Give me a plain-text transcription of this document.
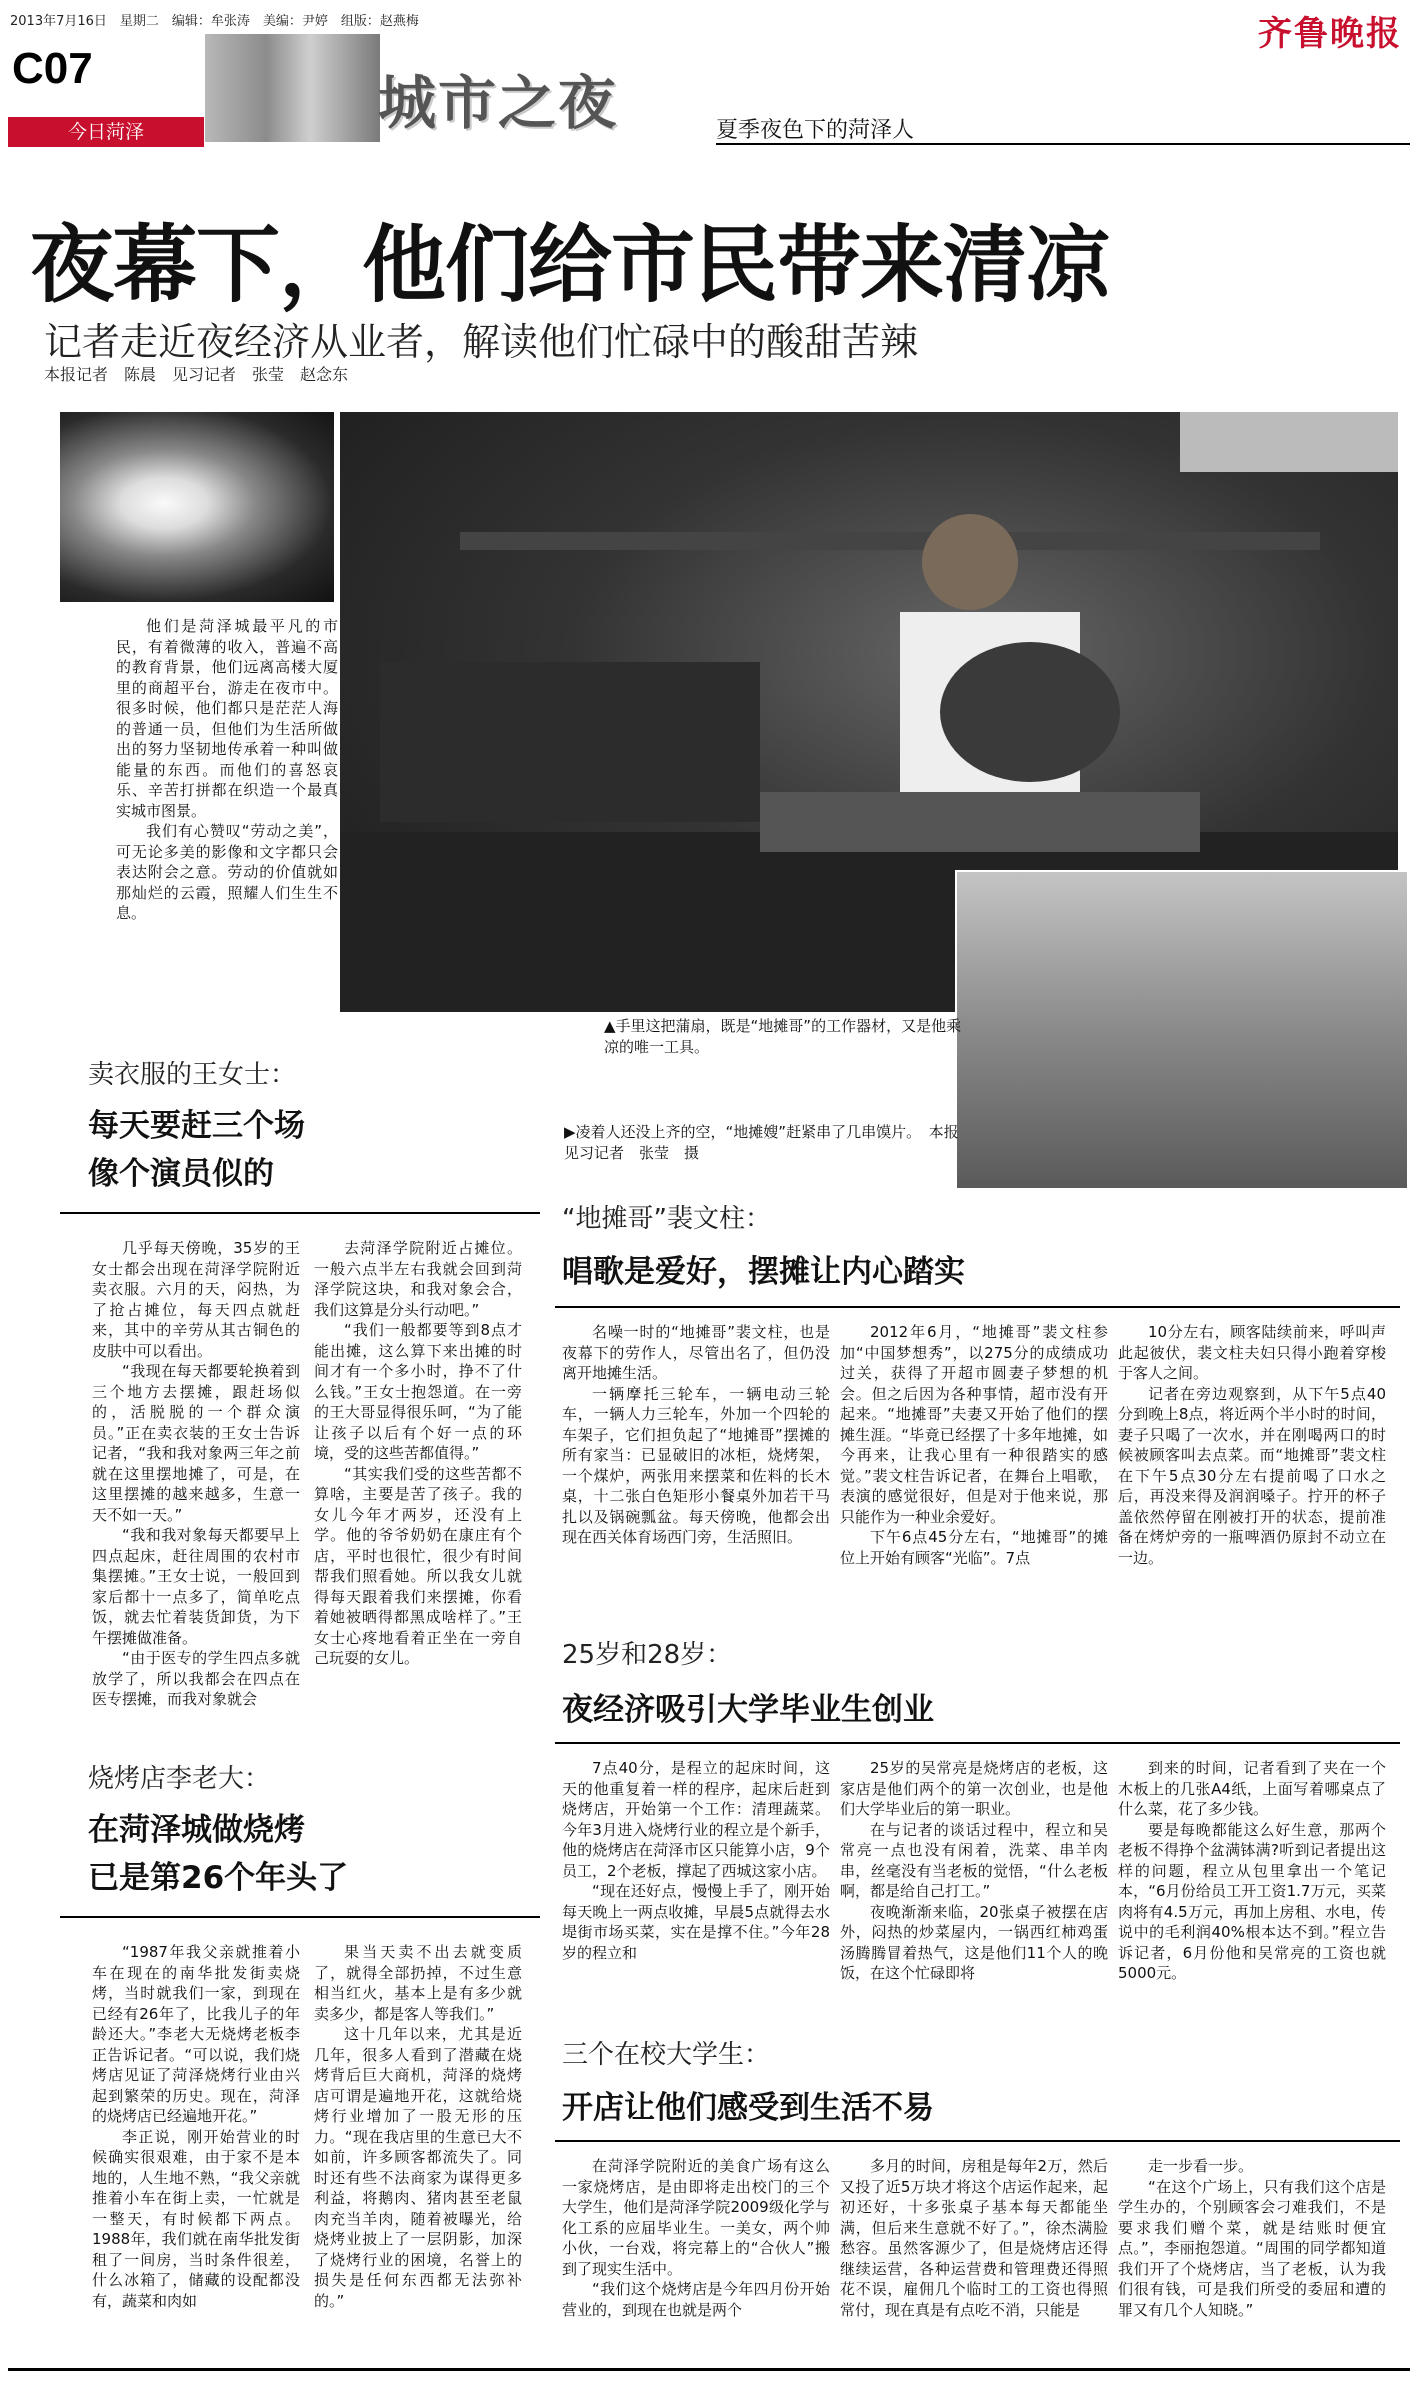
2013年7月16日　星期二　编辑：牟张涛　美编：尹婷　组版：赵燕梅	齐鲁晚报
C07
今日菏泽	城市之夜	夏季夜色下的菏泽人
夜幕下，他们给市民带来清凉
记者走近夜经济从业者，解读他们忙碌中的酸甜苦辣
本报记者　陈晨　见习记者　张莹　赵念东

他们是菏泽城最平凡的市民，有着微薄的收入，普遍不高的教育背景，他们远离高楼大厦里的商超平台，游走在夜市中。很多时候，他们都只是茫茫人海的普通一员，但他们为生活所做出的努力坚韧地传承着一种叫做能量的东西。而他们的喜怒哀乐、辛苦打拼都在织造一个最真实城市图景。

我们有心赞叹“劳动之美”，可无论多美的影像和文字都只会表达附会之意。劳动的价值就如那灿烂的云霞，照耀人们生生不息。

▲手里这把蒲扇，既是“地摊哥”的工作器材，又是他乘凉的唯一工具。
▶凌着人还没上齐的空，“地摊嫂”赶紧串了几串馍片。　本报见习记者　张莹　摄
卖衣服的王女士：
每天要赶三个场
像个演员似的

几乎每天傍晚，35岁的王女士都会出现在菏泽学院附近卖衣服。六月的天，闷热，为了抢占摊位，每天四点就赶来，其中的辛劳从其古铜色的皮肤中可以看出。

“我现在每天都要轮换着到三个地方去摆摊，跟赶场似的，活脱脱的一个群众演员。”正在卖衣装的王女士告诉记者，“我和我对象两三年之前就在这里摆地摊了，可是，在这里摆摊的越来越多，生意一天不如一天。”

“我和我对象每天都要早上四点起床，赶往周围的农村市集摆摊。”王女士说，一般回到家后都十一点多了，简单吃点饭，就去忙着装货卸货，为下午摆摊做准备。

“由于医专的学生四点多就放学了，所以我都会在四点在医专摆摊，而我对象就会

去菏泽学院附近占摊位。一般六点半左右我就会回到菏泽学院这块，和我对象会合，我们这算是分头行动吧。”

“我们一般都要等到8点才能出摊，这么算下来出摊的时间才有一个多小时，挣不了什么钱。”王女士抱怨道。在一旁的王大哥显得很乐呵，“为了能让孩子以后有个好一点的环境，受的这些苦都值得。”

“其实我们受的这些苦都不算啥，主要是苦了孩子。我的女儿今年才两岁，还没有上学。他的爷爷奶奶在康庄有个店，平时也很忙，很少有时间帮我们照看她。所以我女儿就得每天跟着我们来摆摊，你看着她被晒得都黑成啥样了。”王女士心疼地看着正坐在一旁自己玩耍的女儿。

烧烤店李老大：
在菏泽城做烧烤
已是第26个年头了

“1987年我父亲就推着小车在现在的南华批发街卖烧烤，当时就我们一家，到现在已经有26年了，比我儿子的年龄还大。”李老大无烧烤老板李正告诉记者。“可以说，我们烧烤店见证了菏泽烧烤行业由兴起到繁荣的历史。现在，菏泽的烧烤店已经遍地开花。”

李正说，刚开始营业的时候确实很艰难，由于家不是本地的，人生地不熟，“我父亲就推着小车在街上卖，一忙就是一整天，有时候都下两点。1988年，我们就在南华批发街租了一间房，当时条件很差，什么冰箱了，储藏的设配都没有，蔬菜和肉如

果当天卖不出去就变质了，就得全部扔掉，不过生意相当红火，基本上是有多少就卖多少，都是客人等我们。”

这十几年以来，尤其是近几年，很多人看到了潜藏在烧烤背后巨大商机，菏泽的烧烤店可谓是遍地开花，这就给烧烤行业增加了一股无形的压力。“现在我店里的生意已大不如前，许多顾客都流失了。同时还有些不法商家为谋得更多利益，将鹅肉、猪肉甚至老鼠肉充当羊肉，随着被曝光，给烧烤业披上了一层阴影，加深了烧烤行业的困境，名誉上的损失是任何东西都无法弥补的。”

“地摊哥”裴文柱：
唱歌是爱好，摆摊让内心踏实

名噪一时的“地摊哥”裴文柱，也是夜幕下的劳作人，尽管出名了，但仍没离开地摊生活。

一辆摩托三轮车，一辆电动三轮车，一辆人力三轮车，外加一个四轮的车架子，它们担负起了“地摊哥”摆摊的所有家当：已显破旧的冰柜，烧烤架，一个煤炉，两张用来摆菜和佐料的长木桌，十二张白色矩形小餐桌外加若干马扎以及锅碗瓢盆。每天傍晚，他都会出现在西关体育场西门旁，生活照旧。

2012年6月，“地摊哥”裴文柱参加“中国梦想秀”，以275分的成绩成功过关，获得了开超市圆妻子梦想的机会。但之后因为各种事情，超市没有开起来。“地摊哥”夫妻又开始了他们的摆摊生涯。“毕竟已经摆了十多年地摊，如今再来，让我心里有一种很踏实的感觉。”裴文柱告诉记者，在舞台上唱歌，表演的感觉很好，但是对于他来说，那只能作为一种业余爱好。

下午6点45分左右，“地摊哥”的摊位上开始有顾客“光临”。7点

10分左右，顾客陆续前来，呼叫声此起彼伏，裴文柱夫妇只得小跑着穿梭于客人之间。

记者在旁边观察到，从下午5点40分到晚上8点，将近两个半小时的时间，妻子只喝了一次水，并在刚喝两口的时候被顾客叫去点菜。而“地摊哥”裴文柱在下午5点30分左右提前喝了口水之后，再没来得及润润嗓子。拧开的杯子盖依然停留在刚被打开的状态，提前准备在烤炉旁的一瓶啤酒仍原封不动立在一边。

25岁和28岁：
夜经济吸引大学毕业生创业

7点40分，是程立的起床时间，这天的他重复着一样的程序，起床后赶到烧烤店，开始第一个工作：清理蔬菜。今年3月进入烧烤行业的程立是个新手，他的烧烤店在菏泽市区只能算小店，9个员工，2个老板，撑起了西城这家小店。

“现在还好点，慢慢上手了，刚开始每天晚上一两点收摊，早晨5点就得去水堤街市场买菜，实在是撑不住。”今年28岁的程立和

25岁的吴常亮是烧烤店的老板，这家店是他们两个的第一次创业，也是他们大学毕业后的第一职业。

在与记者的谈话过程中，程立和吴常亮一点也没有闲着，洗菜、串羊肉串，丝毫没有当老板的觉悟，“什么老板啊，都是给自己打工。”

夜晚渐渐来临，20张桌子被摆在店外，闷热的炒菜屋内，一锅西红柿鸡蛋汤腾腾冒着热气，这是他们11个人的晚饭，在这个忙碌即将

到来的时间，记者看到了夹在一个木板上的几张A4纸，上面写着哪桌点了什么菜，花了多少钱。

要是每晚都能这么好生意，那两个老板不得挣个盆满钵满?听到记者提出这样的问题，程立从包里拿出一个笔记本，“6月份给员工开工资1.7万元，买菜肉将有4.5万元，再加上房租、水电，传说中的毛利润40%根本达不到。”程立告诉记者，6月份他和吴常亮的工资也就5000元。

三个在校大学生：
开店让他们感受到生活不易

在菏泽学院附近的美食广场有这么一家烧烤店，是由即将走出校门的三个大学生，他们是菏泽学院2009级化学与化工系的应届毕业生。一美女，两个帅小伙，一台戏，将完幕上的“合伙人”搬到了现实生活中。

“我们这个烧烤店是今年四月份开始营业的，到现在也就是两个

多月的时间，房租是每年2万，然后又投了近5万块才将这个店运作起来，起初还好，十多张桌子基本每天都能坐满，但后来生意就不好了。”，徐杰满脸愁容。虽然客源少了，但是烧烤店还得继续运营，各种运营费和管理费还得照花不误，雇佣几个临时工的工资也得照常付，现在真是有点吃不消，只能是

走一步看一步。

“在这个广场上，只有我们这个店是学生办的，个别顾客会刁难我们，不是要求我们赠个菜，就是结账时便宜点。”，李丽抱怨道。“周围的同学都知道我们开了个烧烤店，当了老板，认为我们很有钱，可是我们所受的委屈和遭的罪又有几个人知晓。”
